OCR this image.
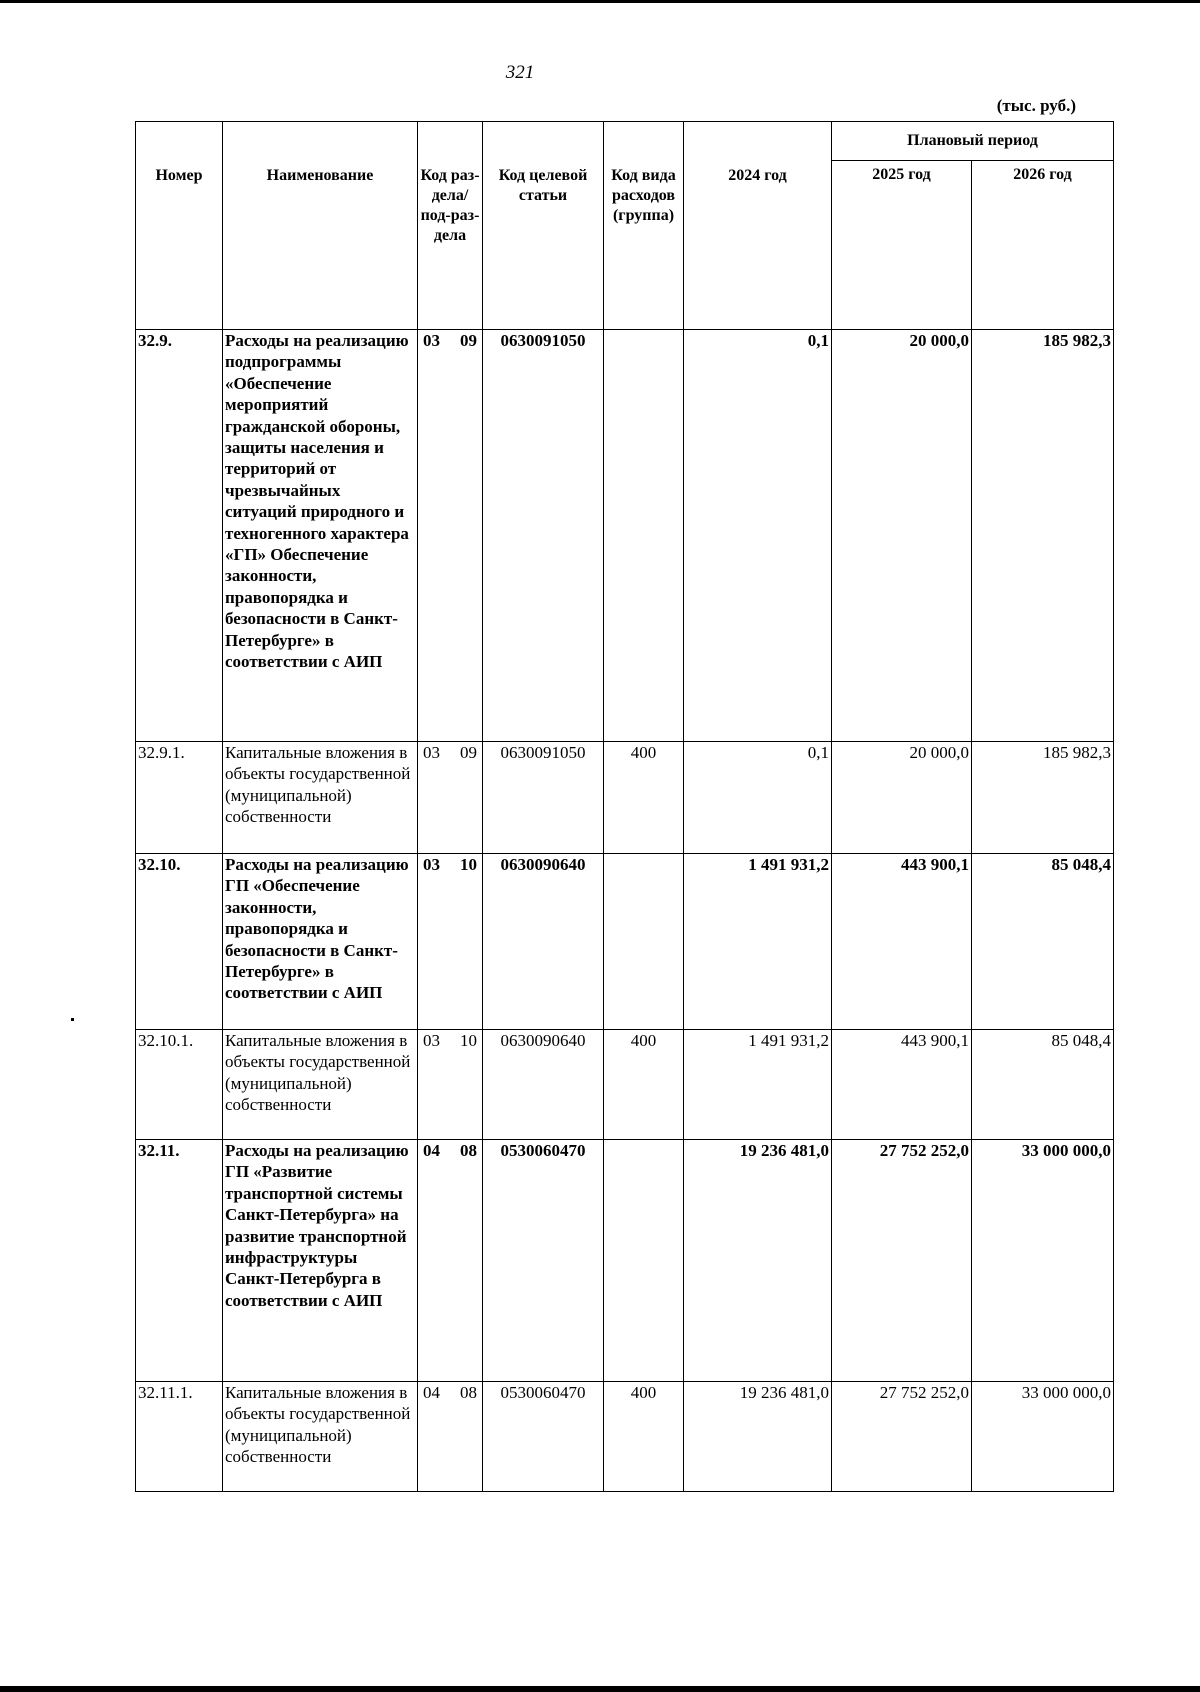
321
(тыс. руб.)
Номер	Наименование	Код раз-дела/ под-раз-дела	Код целевой статьи	Код вида расходов (группа)	2024 год	Плановый период	
						2025 год	2026 год
32.9.	Расходы на реализацию подпрограммы «Обеспечение мероприятий гражданской обороны, защиты населения и территорий от чрезвычайных ситуаций природного и техногенного характера «ГП» Обеспечение законности, правопорядка и безопасности в Санкт-Петербурге» в соответствии с АИП	03 09	0630091050		0,1	20 000,0	185 982,3
32.9.1.	Капитальные вложения в объекты государственной (муниципальной) собственности	03 09	0630091050	400	0,1	20 000,0	185 982,3
32.10.	Расходы на реализацию ГП «Обеспечение законности, правопорядка и безопасности в Санкт-Петербурге» в соответствии с АИП	03 10	0630090640		1 491 931,2	443 900,1	85 048,4
32.10.1.	Капитальные вложения в объекты государственной (муниципальной) собственности	03 10	0630090640	400	1 491 931,2	443 900,1	85 048,4
32.11.	Расходы на реализацию ГП «Развитие транспортной системы Санкт-Петербурга» на развитие транспортной инфраструктуры Санкт-Петербурга в соответствии с АИП	04 08	0530060470		19 236 481,0	27 752 252,0	33 000 000,0
32.11.1.	Капитальные вложения в объекты государственной (муниципальной) собственности	04 08	0530060470	400	19 236 481,0	27 752 252,0	33 000 000,0
